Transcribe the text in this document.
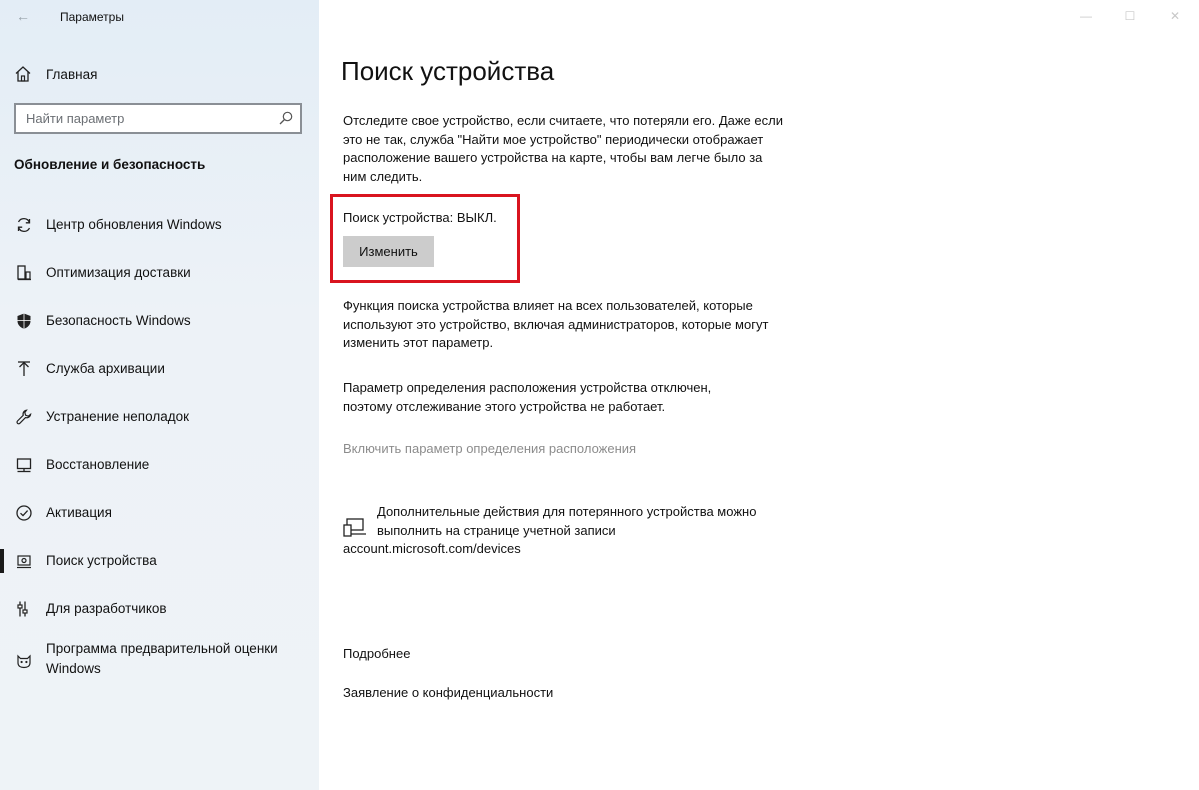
←	Параметры
Главная
Найти параметр
Обновление и безопасность
Центр обновления Windows
Оптимизация доставки
Безопасность Windows
Служба архивации
Устранение неполадок
Восстановление
Активация
Поиск устройства
Для разработчиков
Программа предварительной оценки Windows
—	☐	✕
Поиск устройства

Отследите свое устройство, если считаете, что потеряли его. Даже если это не так, служба "Найти мое устройство" периодически отображает расположение вашего устройства на карте, чтобы вам легче было за ним следить.

Поиск устройства: ВЫКЛ.
Изменить

Функция поиска устройства влияет на всех пользователей, которые используют это устройство, включая администраторов, которые могут изменить этот параметр.

Параметр определения расположения устройства отключен, поэтому отслеживание этого устройства не работает.

Включить параметр определения расположения

Дополнительные действия для потерянного устройства можно выполнить на странице учетной записи

account.microsoft.com/devices
Подробнее
Заявление о конфиденциальности
